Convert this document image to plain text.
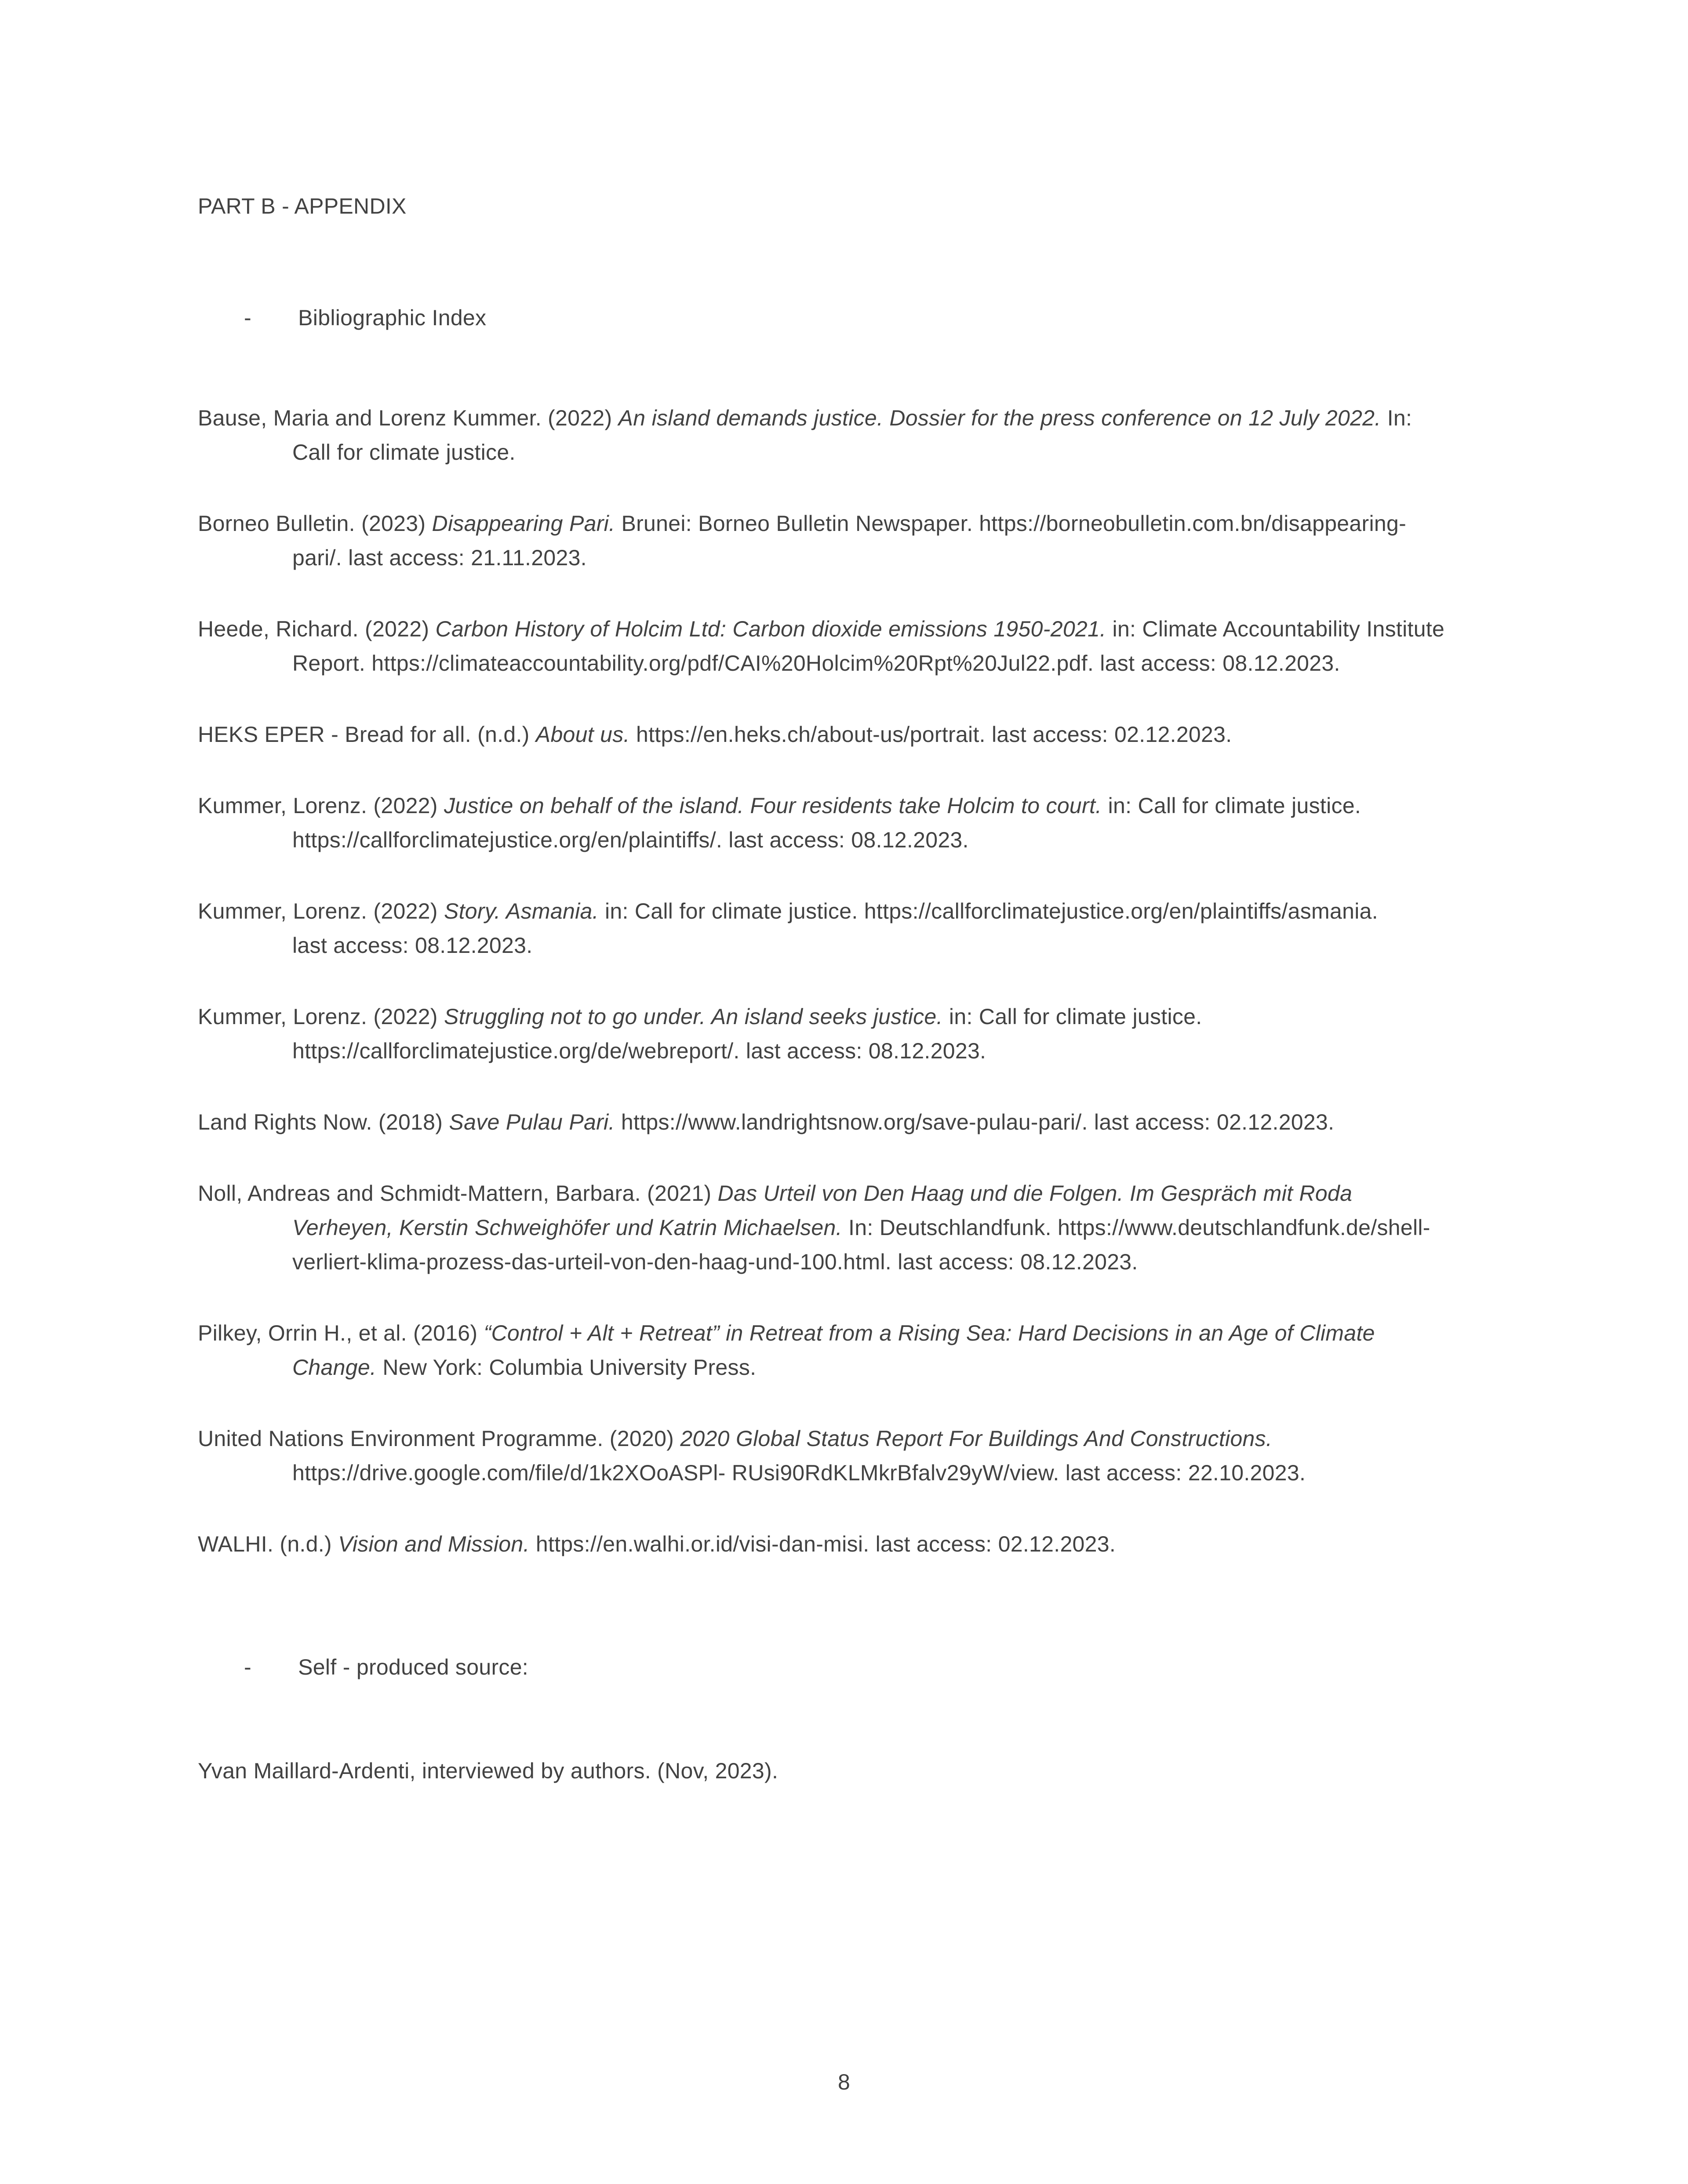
PART B - APPENDIX
- Bibliographic Index
Bause, Maria and Lorenz Kummer. (2022) An island demands justice. Dossier for the press conference on 12 July 2022. In:
Call for climate justice.
Borneo Bulletin. (2023) Disappearing Pari. Brunei: Borneo Bulletin Newspaper. https://borneobulletin.com.bn/disappearing-
pari/. last access: 21.11.2023.
Heede, Richard. (2022) Carbon History of Holcim Ltd: Carbon dioxide emissions 1950-2021. in: Climate Accountability Institute
Report. https://climateaccountability.org/pdf/CAI%20Holcim%20Rpt%20Jul22.pdf. last access: 08.12.2023.
HEKS EPER - Bread for all. (n.d.) About us. https://en.heks.ch/about-us/portrait. last access: 02.12.2023.
Kummer, Lorenz. (2022) Justice on behalf of the island. Four residents take Holcim to court. in: Call for climate justice.
https://callforclimatejustice.org/en/plaintiffs/. last access: 08.12.2023.
Kummer, Lorenz. (2022) Story. Asmania. in: Call for climate justice. https://callforclimatejustice.org/en/plaintiffs/asmania.
last access: 08.12.2023.
Kummer, Lorenz. (2022) Struggling not to go under. An island seeks justice. in: Call for climate justice.
https://callforclimatejustice.org/de/webreport/. last access: 08.12.2023.
Land Rights Now. (2018) Save Pulau Pari. https://www.landrightsnow.org/save-pulau-pari/. last access: 02.12.2023.
Noll, Andreas and Schmidt-Mattern, Barbara. (2021) Das Urteil von Den Haag und die Folgen. Im Gespräch mit Roda
Verheyen, Kerstin Schweighöfer und Katrin Michaelsen. In: Deutschlandfunk. https://www.deutschlandfunk.de/shell-
verliert-klima-prozess-das-urteil-von-den-haag-und-100.html. last access: 08.12.2023.
Pilkey, Orrin H., et al. (2016) “Control + Alt + Retreat” in Retreat from a Rising Sea: Hard Decisions in an Age of Climate
Change. New York: Columbia University Press.
United Nations Environment Programme. (2020) 2020 Global Status Report For Buildings And Constructions.
https://drive.google.com/file/d/1k2XOoASPl- RUsi90RdKLMkrBfalv29yW/view. last access: 22.10.2023.
WALHI. (n.d.) Vision and Mission. https://en.walhi.or.id/visi-dan-misi. last access: 02.12.2023.
- Self - produced source:
Yvan Maillard-Ardenti, interviewed by authors. (Nov, 2023).
8
